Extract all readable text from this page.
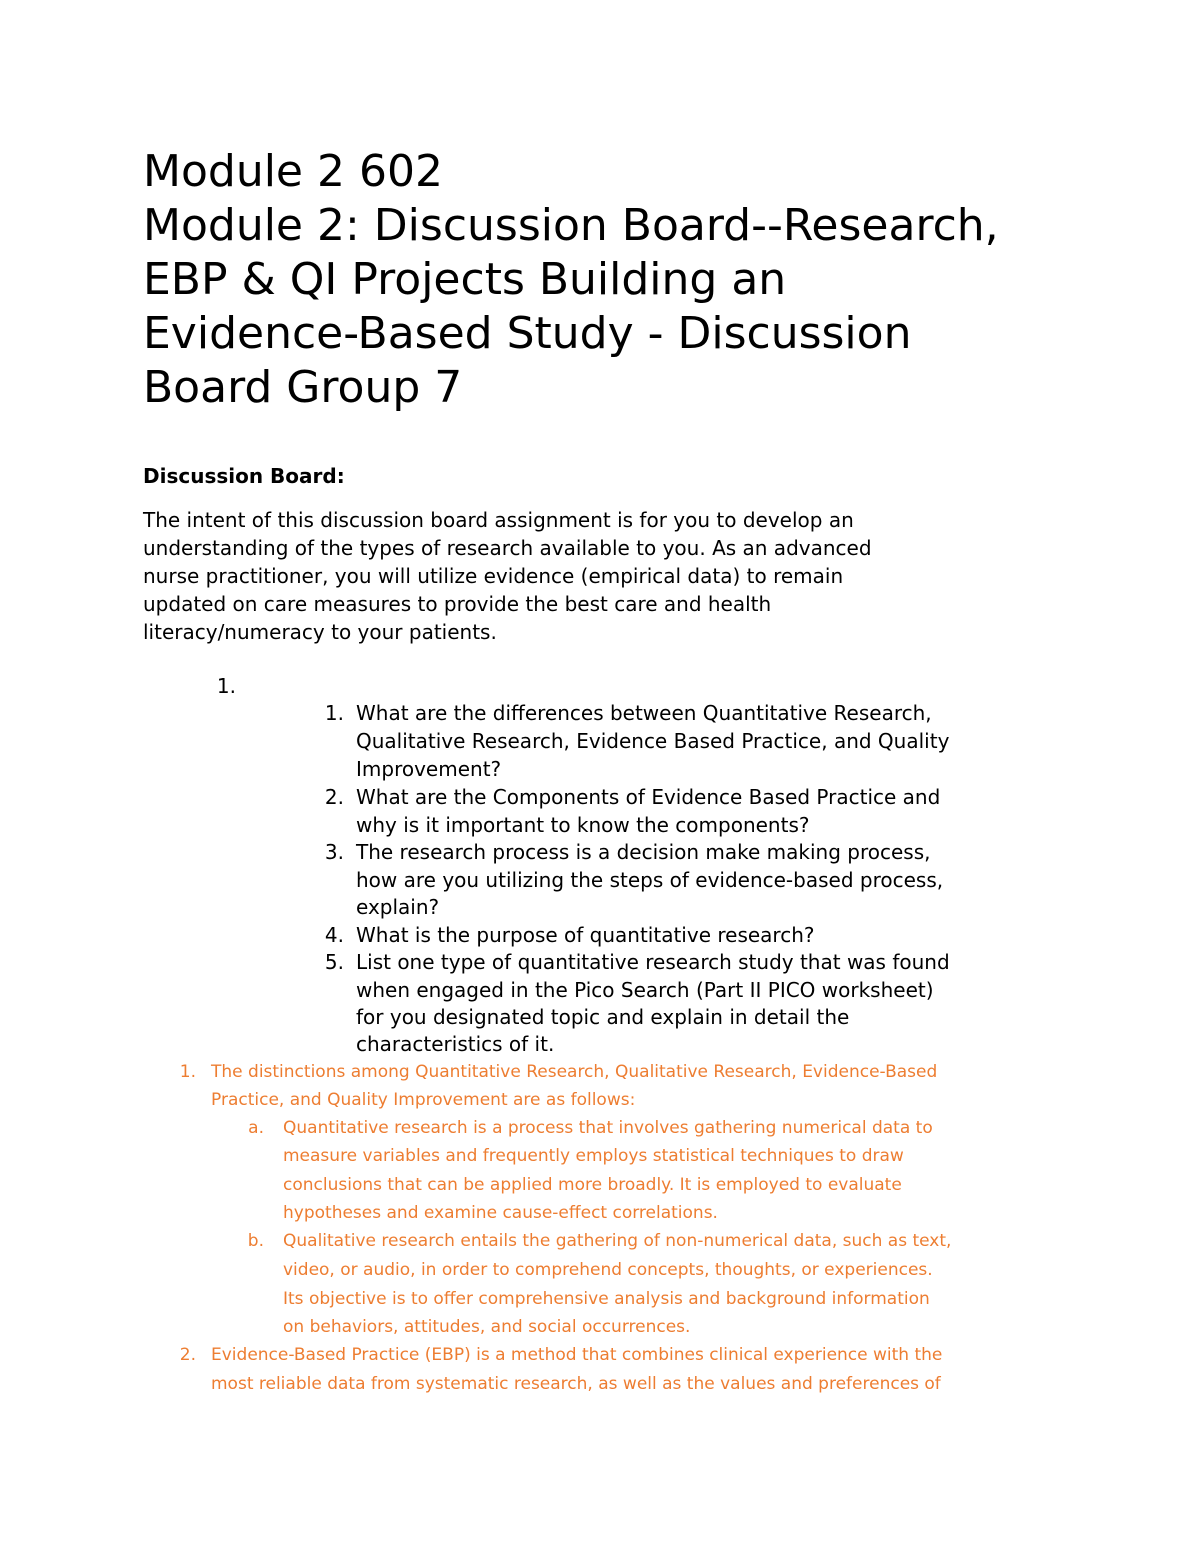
Module 2 602
Module 2: Discussion Board--Research,
EBP & QI Projects Building an
Evidence-Based Study - Discussion
Board Group 7
Discussion Board:
The intent of this discussion board assignment is for you to develop an
understanding of the types of research available to you. As an advanced
nurse practitioner, you will utilize evidence (empirical data) to remain
updated on care measures to provide the best care and health
literacy/numeracy to your patients.
1.
1. What are the differences between Quantitative Research,
Qualitative Research, Evidence Based Practice, and Quality
Improvement?
2. What are the Components of Evidence Based Practice and
why is it important to know the components?
3. The research process is a decision make making process,
how are you utilizing the steps of evidence-based process,
explain?
4. What is the purpose of quantitative research?
5. List one type of quantitative research study that was found
when engaged in the Pico Search (Part II PICO worksheet)
for you designated topic and explain in detail the
characteristics of it.
1. The distinctions among Quantitative Research, Qualitative Research, Evidence-Based
Practice, and Quality Improvement are as follows:
a. Quantitative research is a process that involves gathering numerical data to
measure variables and frequently employs statistical techniques to draw
conclusions that can be applied more broadly. It is employed to evaluate
hypotheses and examine cause-effect correlations.
b. Qualitative research entails the gathering of non-numerical data, such as text,
video, or audio, in order to comprehend concepts, thoughts, or experiences.
Its objective is to offer comprehensive analysis and background information
on behaviors, attitudes, and social occurrences.
2. Evidence-Based Practice (EBP) is a method that combines clinical experience with the
most reliable data from systematic research, as well as the values and preferences of
